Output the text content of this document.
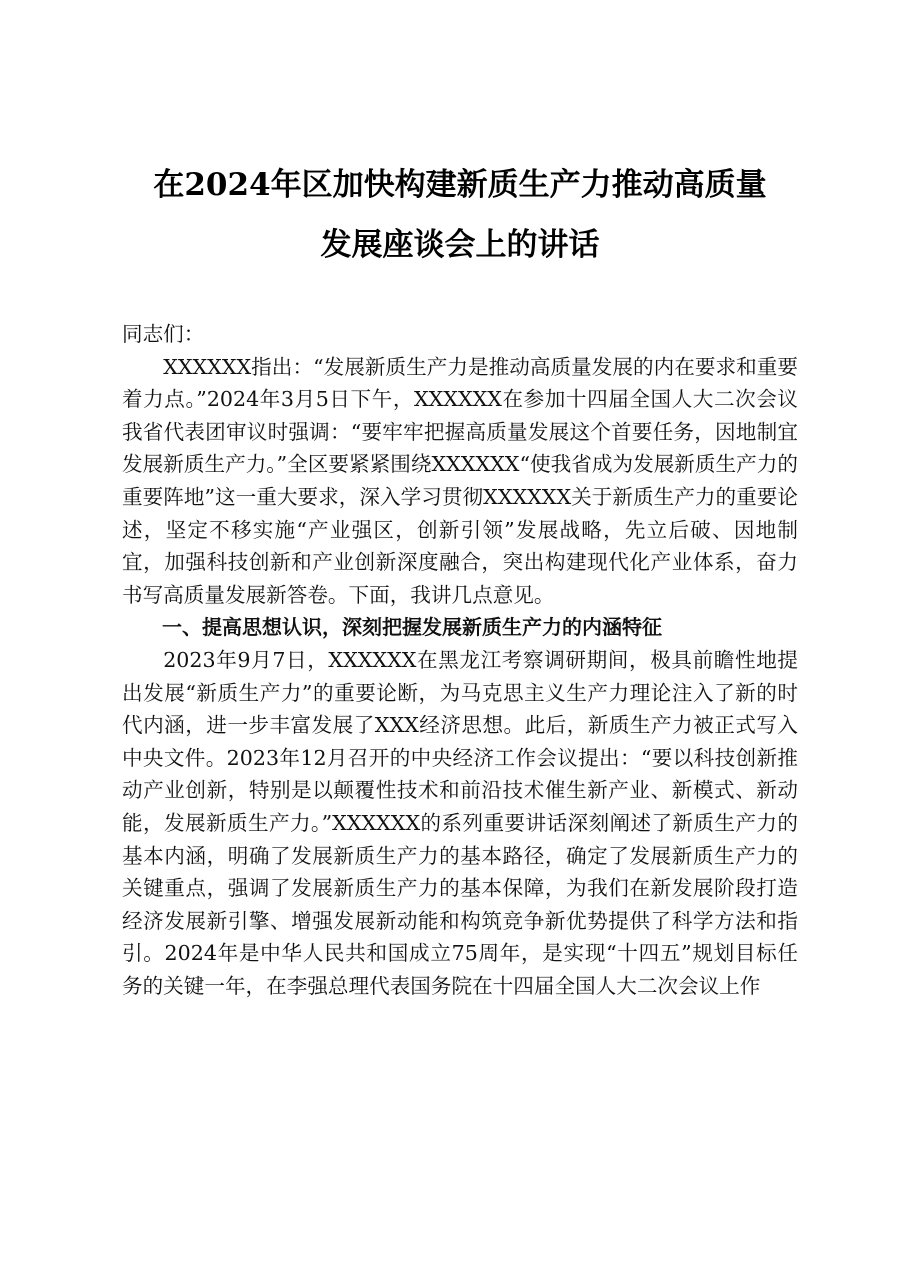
在2024年区加快构建新质生产力推动高质量
发展座谈会上的讲话

同志们：

XXXXXX指出：“发展新质生产力是推动高质量发展的内在要求和重要着力点。”2024年3月5日下午，XXXXXX在参加十四届全国人大二次会议我省代表团审议时强调：“要牢牢把握高质量发展这个首要任务，因地制宜发展新质生产力。”全区要紧紧围绕XXXXXX“使我省成为发展新质生产力的重要阵地”这一重大要求，深入学习贯彻XXXXXX关于新质生产力的重要论述，坚定不移实施“产业强区，创新引领”发展战略，先立后破、因地制宜，加强科技创新和产业创新深度融合，突出构建现代化产业体系，奋力书写高质量发展新答卷。下面，我讲几点意见。

一、提高思想认识，深刻把握发展新质生产力的内涵特征

2023年9月7日，XXXXXX在黑龙江考察调研期间，极具前瞻性地提出发展“新质生产力”的重要论断，为马克思主义生产力理论注入了新的时代内涵，进一步丰富发展了XXX经济思想。此后，新质生产力被正式写入中央文件。2023年12月召开的中央经济工作会议提出：“要以科技创新推动产业创新，特别是以颠覆性技术和前沿技术催生新产业、新模式、新动能，发展新质生产力。”XXXXXX的系列重要讲话深刻阐述了新质生产力的基本内涵，明确了发展新质生产力的基本路径，确定了发展新质生产力的关键重点，强调了发展新质生产力的基本保障，为我们在新发展阶段打造经济发展新引擎、增强发展新动能和构筑竞争新优势提供了科学方法和指引。2024年是中华人民共和国成立75周年，是实现“十四五”规划目标任务的关键一年，在李强总理代表国务院在十四届全国人大二次会议上作
